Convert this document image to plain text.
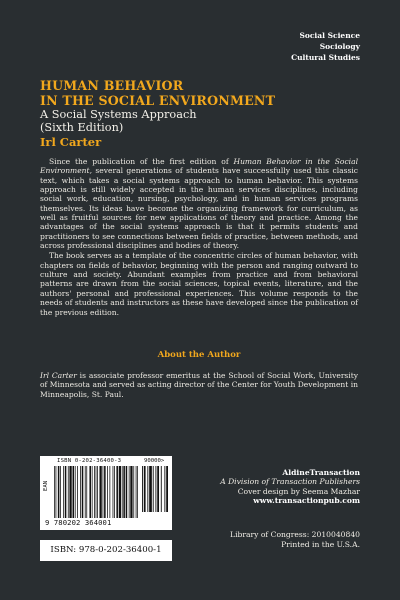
Social Science
Sociology
Cultural Studies
HUMAN BEHAVIOR
IN THE SOCIAL ENVIRONMENT
A Social Systems Approach
(Sixth Edition)
Irl Carter

Since the publication of the first edition of Human Behavior in the Social Environment, several generations of students have successfully used this classic text, which takes a social systems approach to human behavior. This systems approach is still widely accepted in the human services disciplines, including social work, education, nursing, psychology, and in human services programs themselves. Its ideas have become the organizing framework for curriculum, as well as fruitful sources for new applications of theory and practice. Among the advantages of the social systems approach is that it permits students and practitioners to see connections between fields of practice, between methods, and across professional disciplines and bodies of theory.

The book serves as a template of the concentric circles of human behavior, with chapters on fields of behavior, beginning with the person and ranging outward to culture and society. Abundant examples from practice and from behavioral patterns are drawn from the social sciences, topical events, literature, and the authors' personal and professional experiences. This volume responds to the needs of students and instructors as these have developed since the publication of the previous edition.

About the Author

Irl Carter is associate professor emeritus at the School of Social Work, University of Minnesota and served as acting director of the Center for Youth Development in Minneapolis, St. Paul.

ISBN 0-202-36400-3	90000>
EAN
9 780202 364001
ISBN: 978-0-202-36400-1
AldineTransaction
A Division of Transaction Publishers
Cover design by Seema Mazhar
www.transactionpub.com
Library of Congress: 2010040840
Printed in the U.S.A.
